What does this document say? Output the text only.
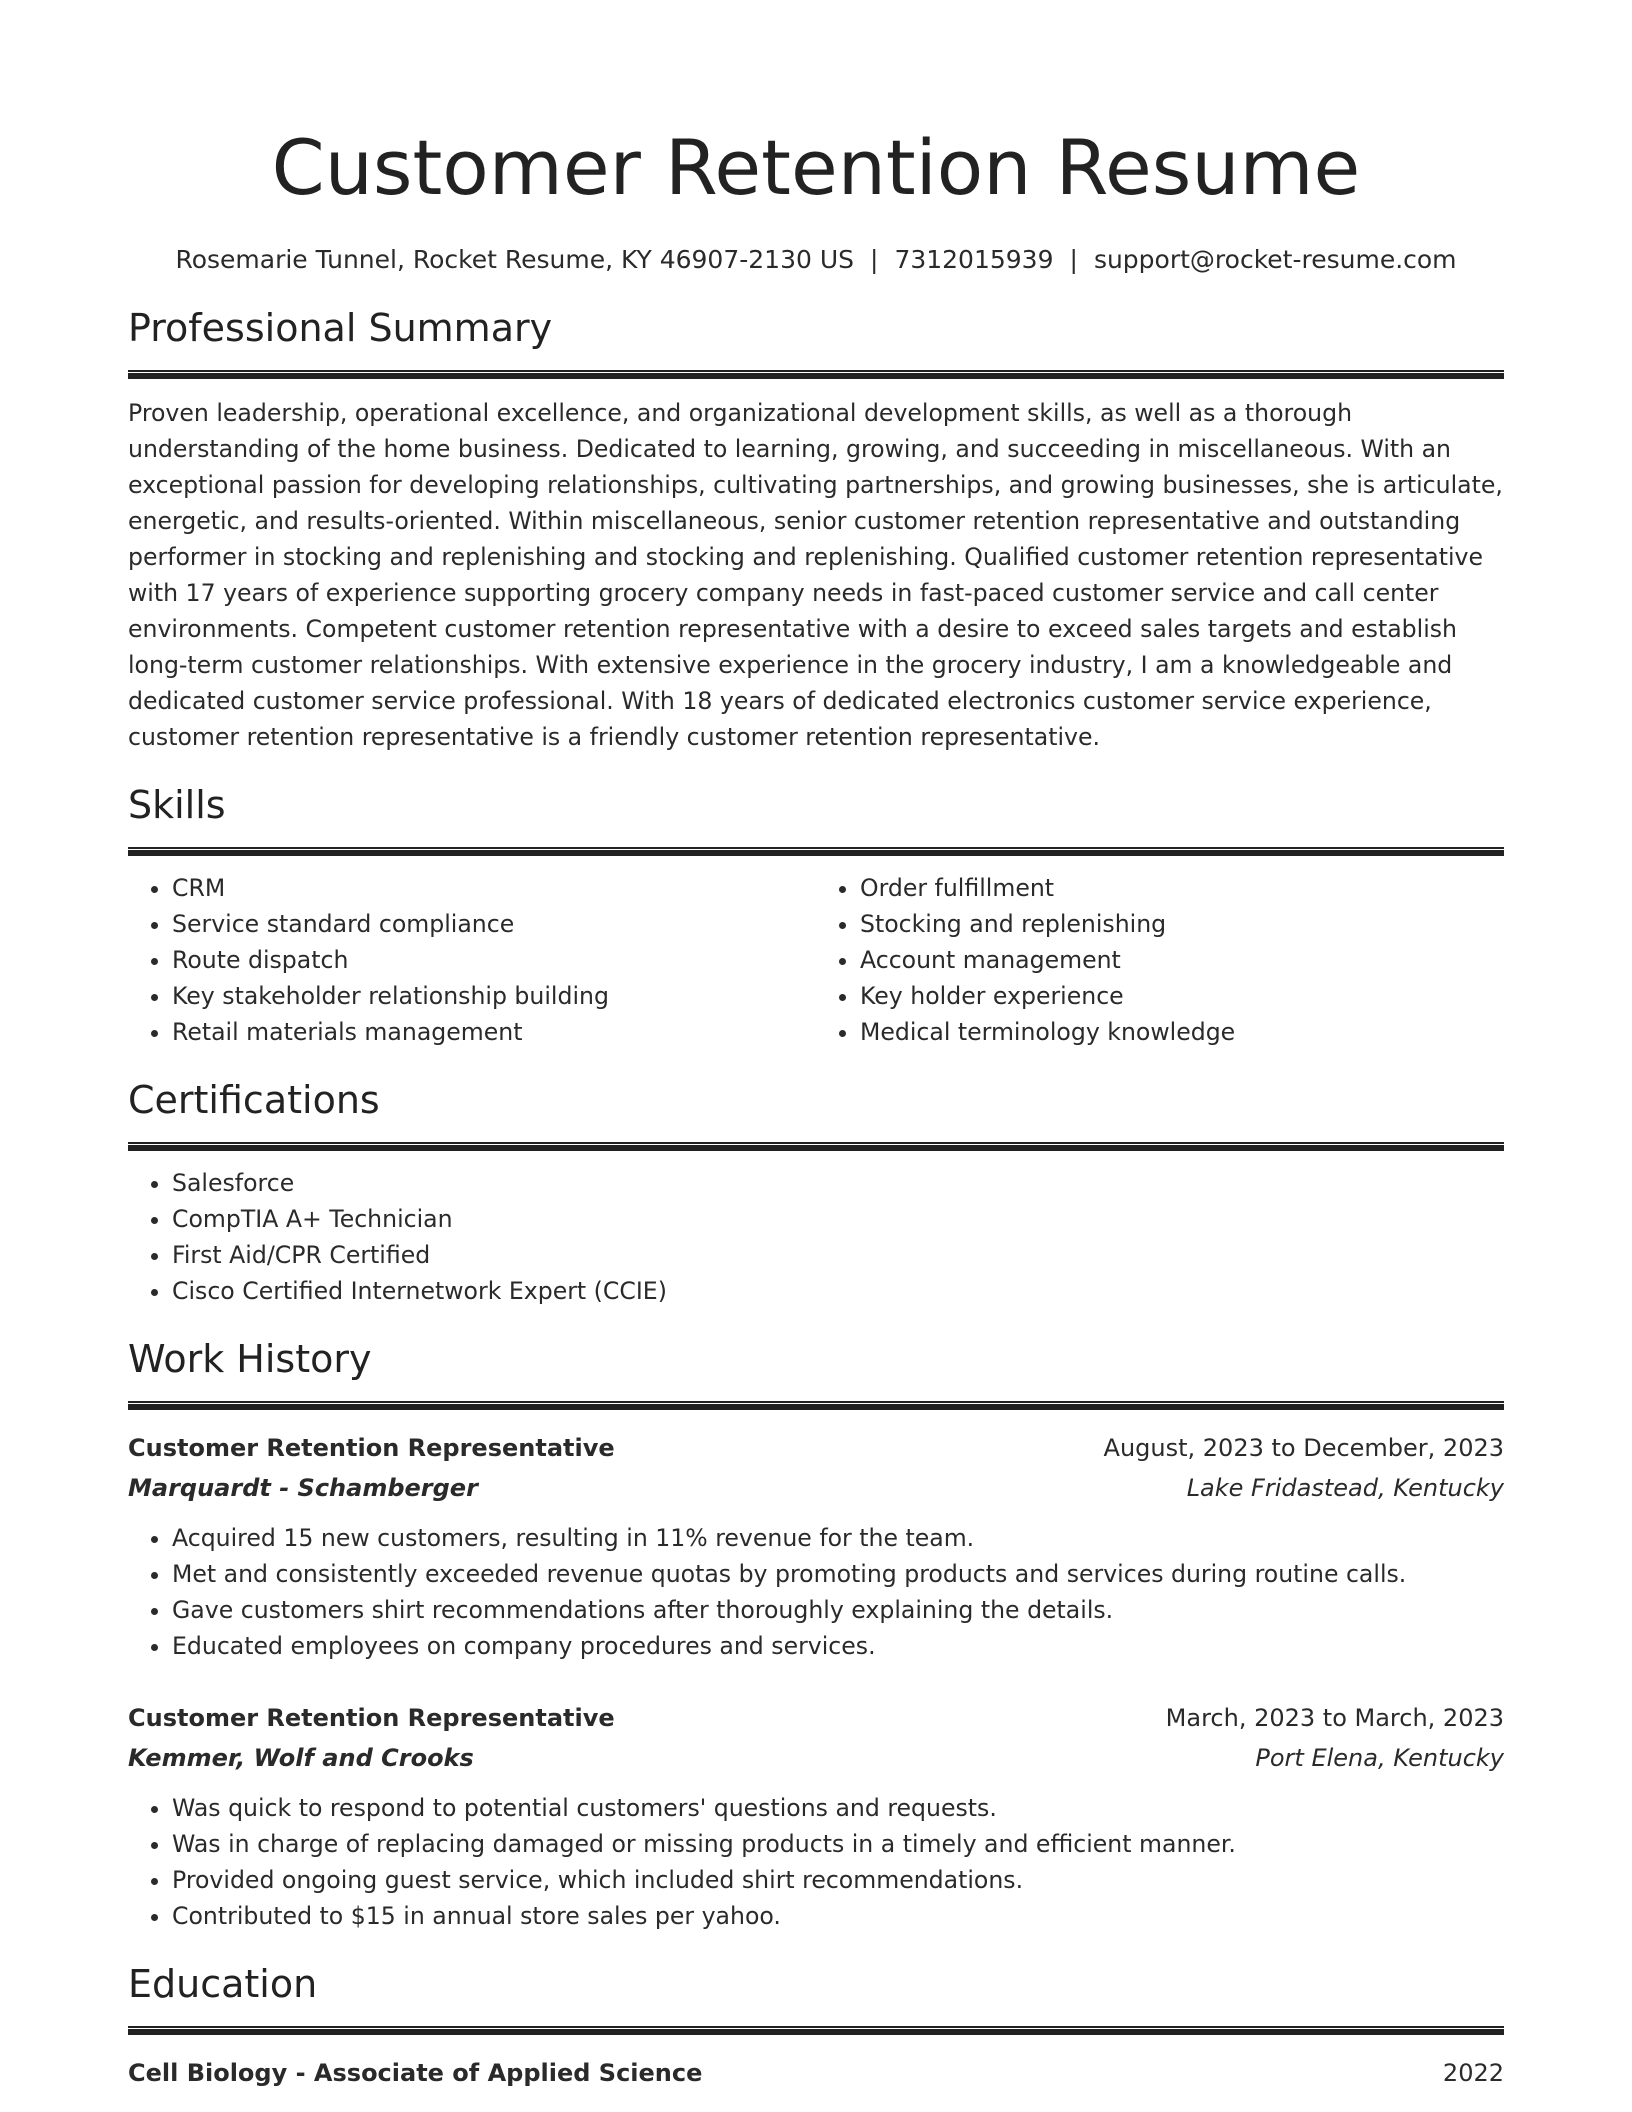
Customer Retention Resume
Rosemarie Tunnel, Rocket Resume, KY 46907-2130 US | 7312015939 | support@rocket-resume.com
Professional Summary
Proven leadership, operational excellence, and organizational development skills, as well as a thorough understanding of the home business. Dedicated to learning, growing, and succeeding in miscellaneous. With an exceptional passion for developing relationships, cultivating partnerships, and growing businesses, she is articulate, energetic, and results-oriented. Within miscellaneous, senior customer retention representative and outstanding performer in stocking and replenishing and stocking and replenishing. Qualified customer retention representative with 17 years of experience supporting grocery company needs in fast-paced customer service and call center environments. Competent customer retention representative with a desire to exceed sales targets and establish long-term customer relationships. With extensive experience in the grocery industry, I am a knowledgeable and dedicated customer service professional. With 18 years of dedicated electronics customer service experience, customer retention representative is a friendly customer retention representative.
Skills
• CRM
• Service standard compliance
• Route dispatch
• Key stakeholder relationship building
• Retail materials management
• Order fulfillment
• Stocking and replenishing
• Account management
• Key holder experience
• Medical terminology knowledge
Certifications
• Salesforce
• CompTIA A+ Technician
• First Aid/CPR Certified
• Cisco Certified Internetwork Expert (CCIE)
Work History
Customer Retention Representative	August, 2023 to December, 2023
Marquardt - Schamberger	Lake Fridastead, Kentucky
• Acquired 15 new customers, resulting in 11% revenue for the team.
• Met and consistently exceeded revenue quotas by promoting products and services during routine calls.
• Gave customers shirt recommendations after thoroughly explaining the details.
• Educated employees on company procedures and services.
Customer Retention Representative	March, 2023 to March, 2023
Kemmer, Wolf and Crooks	Port Elena, Kentucky
• Was quick to respond to potential customers' questions and requests.
• Was in charge of replacing damaged or missing products in a timely and efficient manner.
• Provided ongoing guest service, which included shirt recommendations.
• Contributed to $15 in annual store sales per yahoo.
Education
Cell Biology - Associate of Applied Science	2022
